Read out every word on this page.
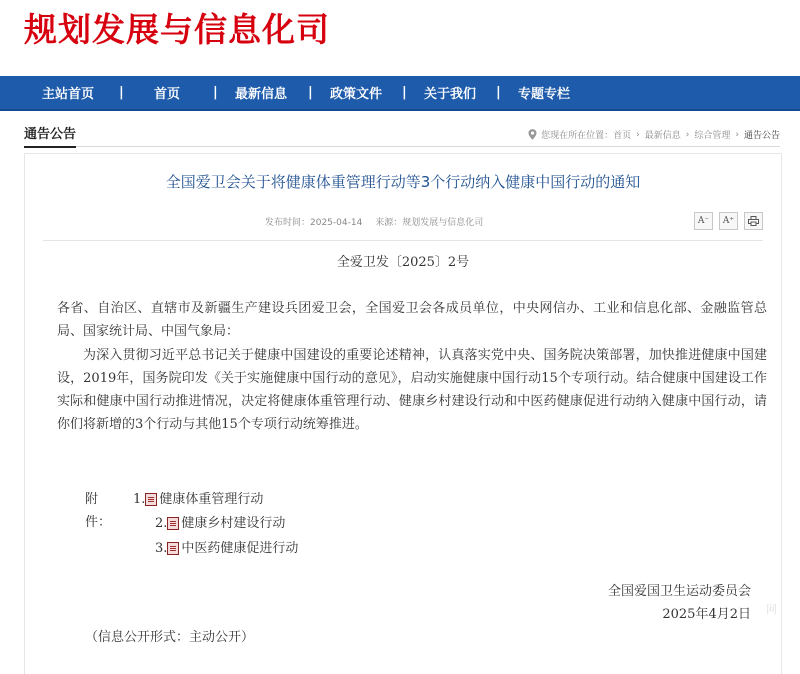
规划发展与信息化司
主站首页 | 首页	| 最新信息 | 政策文件 | 关于我们 | 专题专栏
通告公告	您现在所在位置： 首页 › 最新信息 › 综合管理 › 通告公告
全国爱卫会关于将健康体重管理行动等3个行动纳入健康中国行动的通知
发布时间：2025-04-14 来源：规划发展与信息化司	A⁻	A⁺

全爱卫发〔2025〕2号

各省、自治区、直辖市及新疆生产建设兵团爱卫会，全国爱卫会各成员单位，中央网信办、工业和信息化部、金融监管总局、国家统计局、中国气象局：

为深入贯彻习近平总书记关于健康中国建设的重要论述精神，认真落实党中央、国务院决策部署，加快推进健康中国建设，2019年，国务院印发《关于实施健康中国行动的意见》，启动实施健康中国行动15个专项行动。结合健康中国建设工作实际和健康中国行动推进情况，决定将健康体重管理行动、健康乡村建设行动和中医药健康促进行动纳入健康中国行动，请你们将新增的3个行动与其他15个专项行动统筹推进。

附件：
1. 健康体重管理行动
2. 健康乡村建设行动
3. 中医药健康促进行动

全国爱国卫生运动委员会

2025年4月2日 网

（信息公开形式：主动公开）
